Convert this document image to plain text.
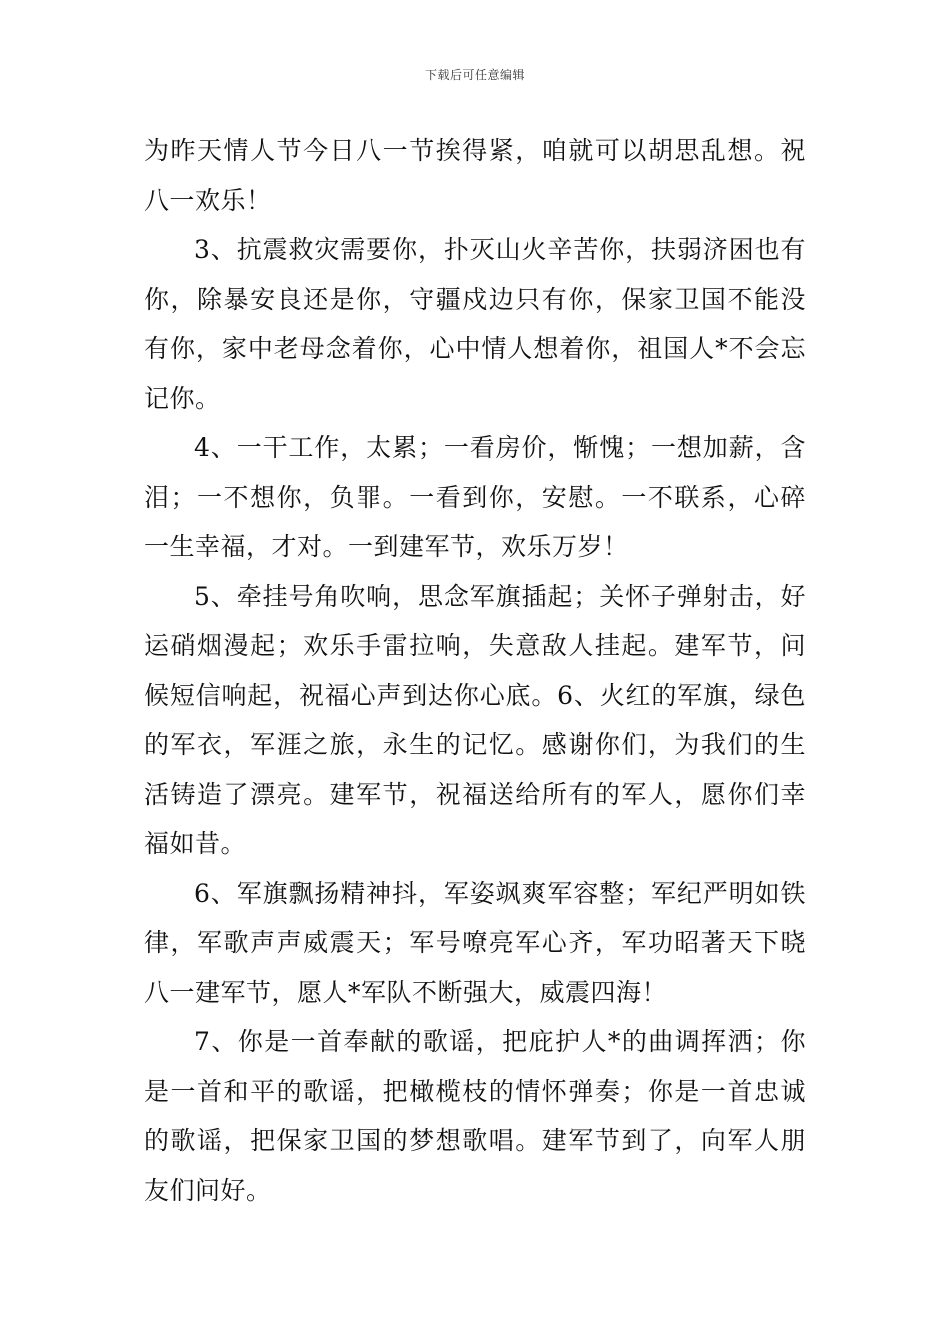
下载后可任意编辑

为昨天情人节今日八一节挨得紧，咱就可以胡思乱想。祝八一欢乐！

3、抗震救灾需要你，扑灭山火辛苦你，扶弱济困也有你，除暴安良还是你，守疆戍边只有你，保家卫国不能没有你，家中老母念着你，心中情人想着你，祖国人*不会忘记你。

4、一干工作，太累；一看房价，惭愧；一想加薪，含泪；一不想你，负罪。一看到你，安慰。一不联系，心碎一生幸福，才对。一到建军节，欢乐万岁！

5、牵挂号角吹响，思念军旗插起；关怀子弹射击，好运硝烟漫起；欢乐手雷拉响，失意敌人挂起。建军节，问候短信响起，祝福心声到达你心底。6、火红的军旗，绿色的军衣，军涯之旅，永生的记忆。感谢你们，为我们的生活铸造了漂亮。建军节，祝福送给所有的军人，愿你们幸福如昔。

6、军旗飘扬精神抖，军姿飒爽军容整；军纪严明如铁律，军歌声声威震天；军号嘹亮军心齐，军功昭著天下晓八一建军节，愿人*军队不断强大，威震四海！

7、你是一首奉献的歌谣，把庇护人*的曲调挥洒；你是一首和平的歌谣，把橄榄枝的情怀弹奏；你是一首忠诚的歌谣，把保家卫国的梦想歌唱。建军节到了，向军人朋友们问好。
